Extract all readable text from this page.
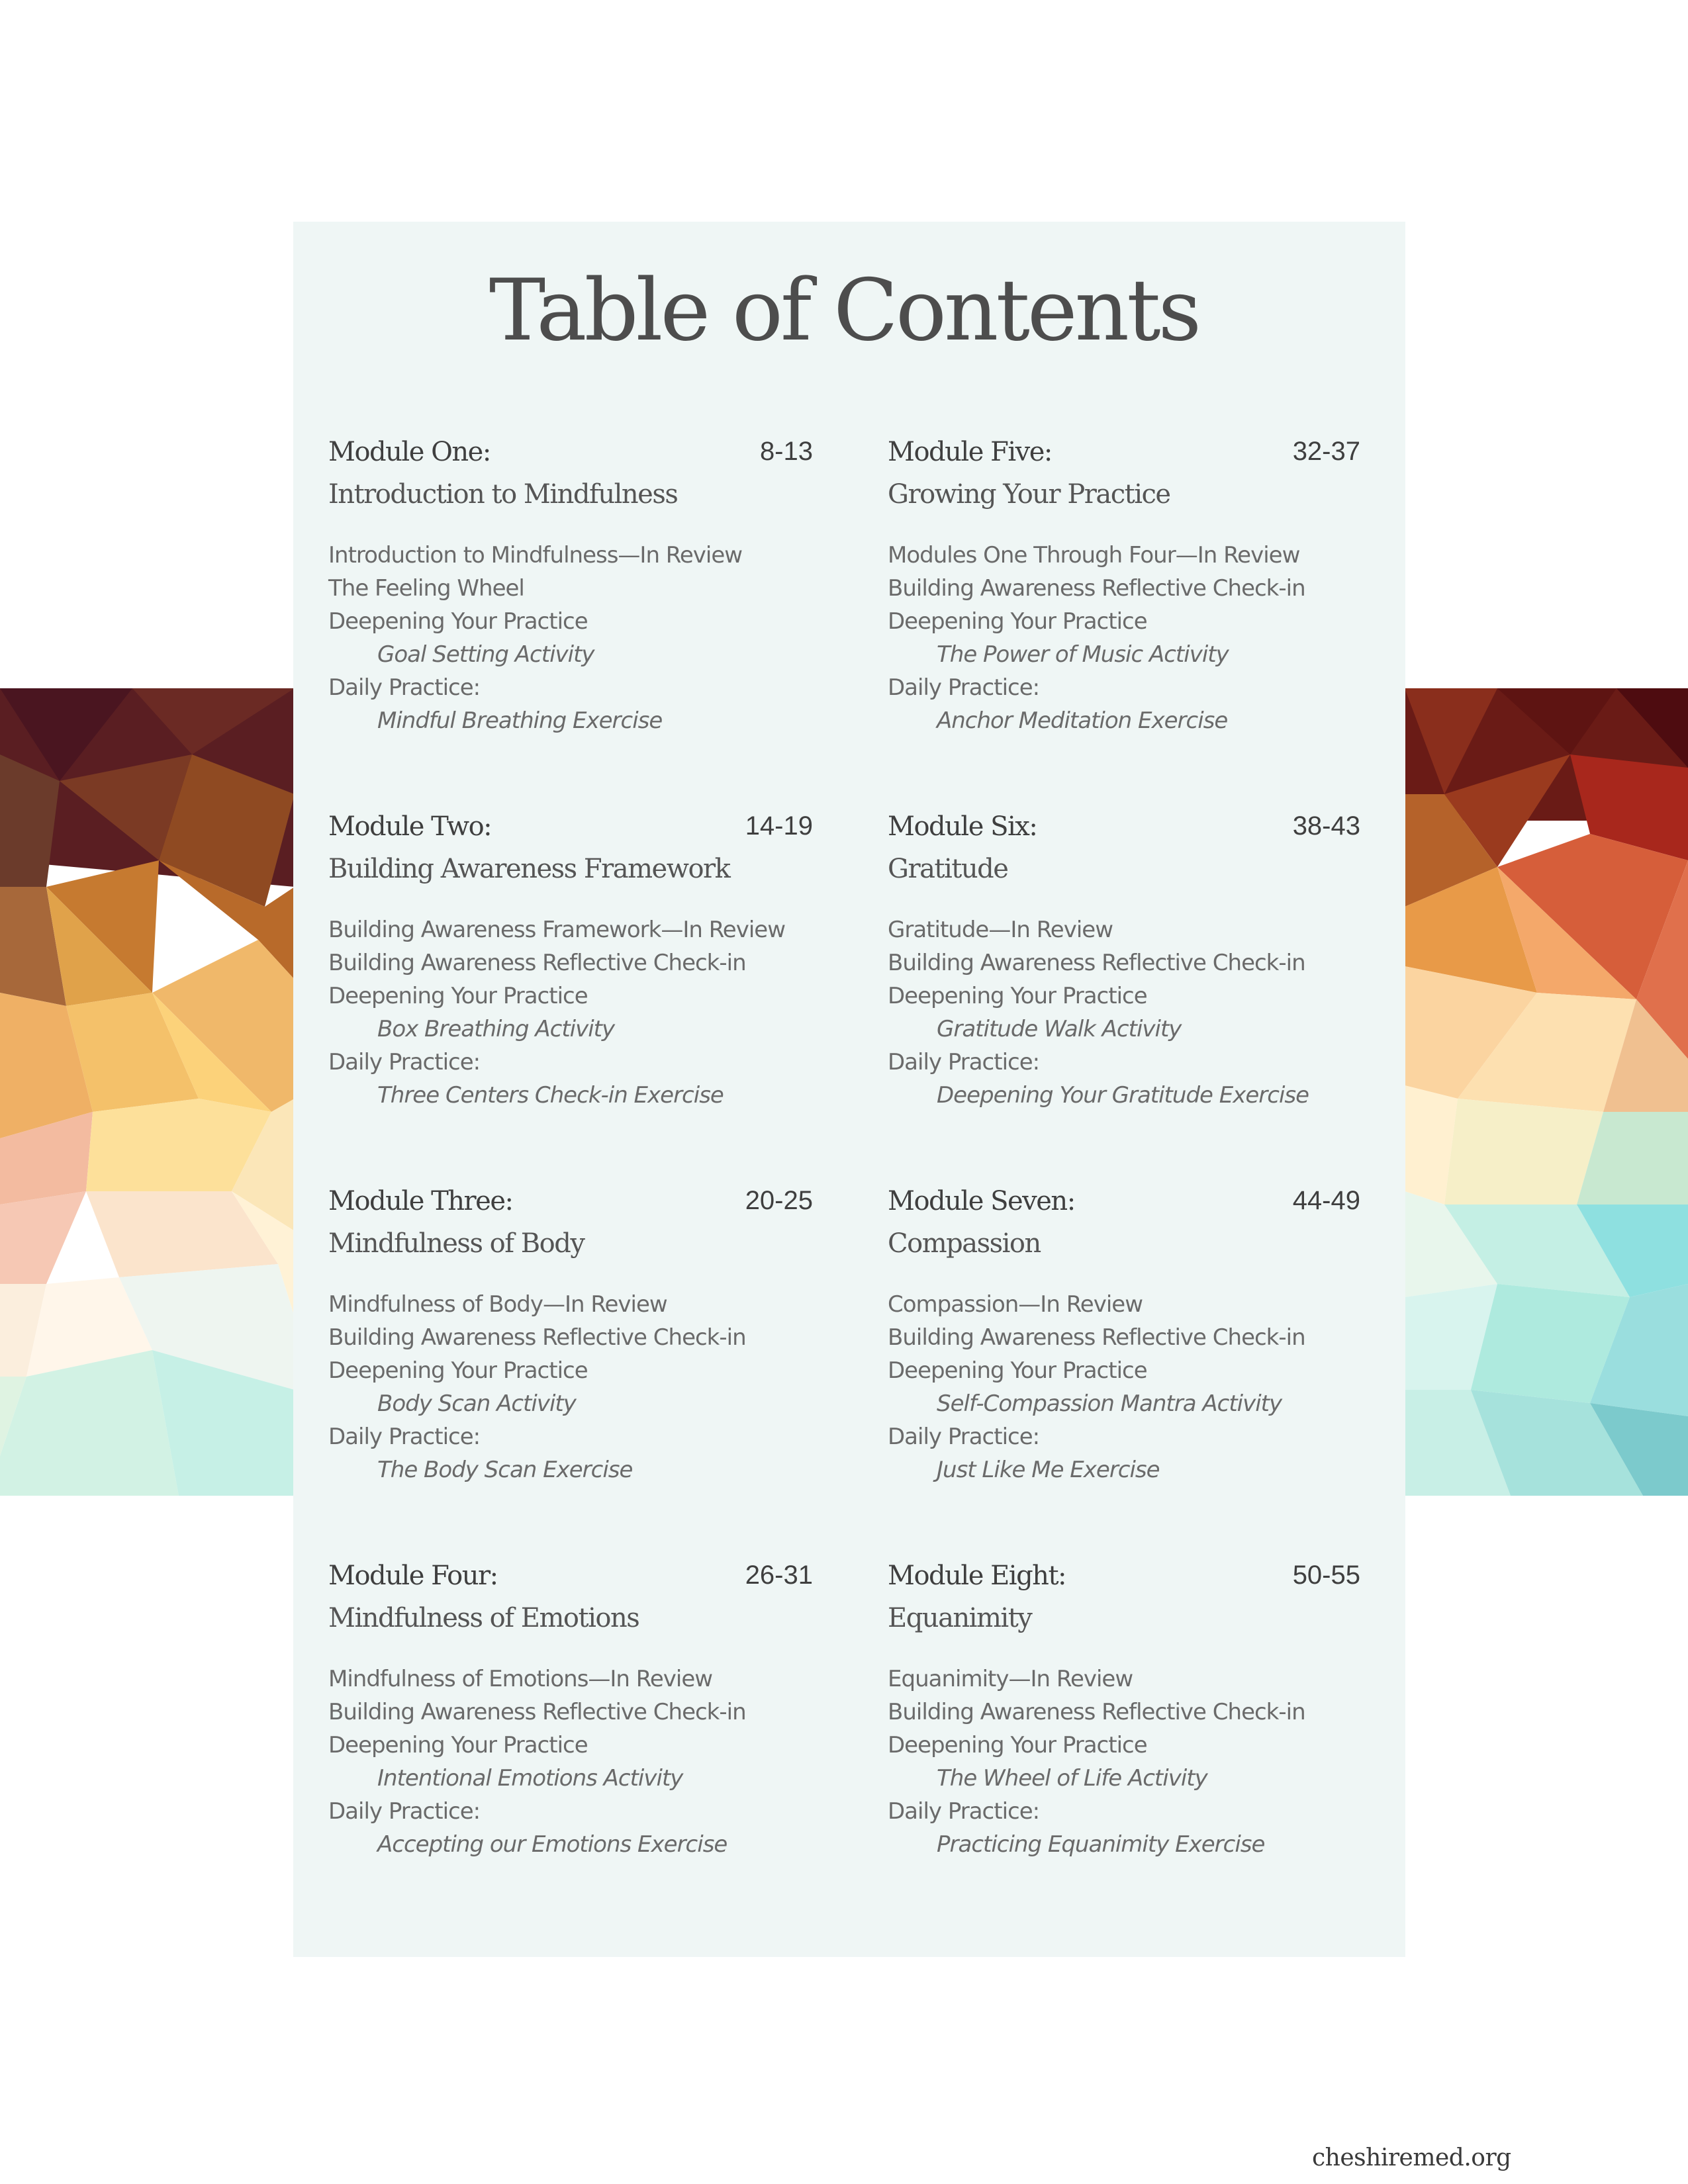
Table of Contents
Module One:	8-13
Introduction to Mindfulness
Introduction to Mindfulness—In Review
The Feeling Wheel
Deepening Your Practice
Goal Setting Activity
Daily Practice:
Mindful Breathing Exercise
Module Two:	14-19
Building Awareness Framework
Building Awareness Framework—In Review
Building Awareness Reflective Check-in
Deepening Your Practice
Box Breathing Activity
Daily Practice:
Three Centers Check-in Exercise
Module Three:	20-25
Mindfulness of Body
Mindfulness of Body—In Review
Building Awareness Reflective Check-in
Deepening Your Practice
Body Scan Activity
Daily Practice:
The Body Scan Exercise
Module Four:	26-31
Mindfulness of Emotions
Mindfulness of Emotions—In Review
Building Awareness Reflective Check-in
Deepening Your Practice
Intentional Emotions Activity
Daily Practice:
Accepting our Emotions Exercise
Module Five:	32-37
Growing Your Practice
Modules One Through Four—In Review
Building Awareness Reflective Check-in
Deepening Your Practice
The Power of Music Activity
Daily Practice:
Anchor Meditation Exercise
Module Six:	38-43
Gratitude
Gratitude—In Review
Building Awareness Reflective Check-in
Deepening Your Practice
Gratitude Walk Activity
Daily Practice:
Deepening Your Gratitude Exercise
Module Seven:	44-49
Compassion
Compassion—In Review
Building Awareness Reflective Check-in
Deepening Your Practice
Self-Compassion Mantra Activity
Daily Practice:
Just Like Me Exercise
Module Eight:	50-55
Equanimity
Equanimity—In Review
Building Awareness Reflective Check-in
Deepening Your Practice
The Wheel of Life Activity
Daily Practice:
Practicing Equanimity Exercise
cheshiremed.org
